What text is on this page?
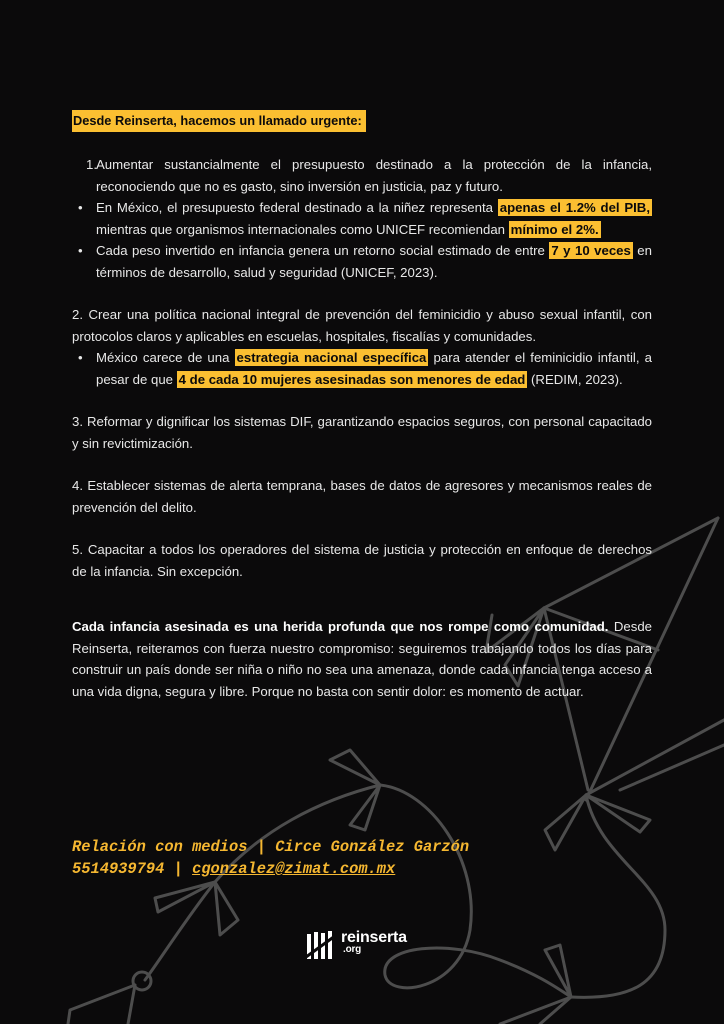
Desde Reinserta, hacemos un llamado urgente:
1. Aumentar sustancialmente el presupuesto destinado a la protección de la infancia, reconociendo que no es gasto, sino inversión en justicia, paz y futuro.
• En México, el presupuesto federal destinado a la niñez representa apenas el 1.2% del PIB, mientras que organismos internacionales como UNICEF recomiendan mínimo el 2%.
• Cada peso invertido en infancia genera un retorno social estimado de entre 7 y 10 veces en términos de desarrollo, salud y seguridad (UNICEF, 2023).
2. Crear una política nacional integral de prevención del feminicidio y abuso sexual infantil, con protocolos claros y aplicables en escuelas, hospitales, fiscalías y comunidades.
• México carece de una estrategia nacional específica para atender el feminicidio infantil, a pesar de que 4 de cada 10 mujeres asesinadas son menores de edad (REDIM, 2023).
3. Reformar y dignificar los sistemas DIF, garantizando espacios seguros, con personal capacitado y sin revictimización.
4. Establecer sistemas de alerta temprana, bases de datos de agresores y mecanismos reales de prevención del delito.
5. Capacitar a todos los operadores del sistema de justicia y protección en enfoque de derechos de la infancia. Sin excepción.
Cada infancia asesinada es una herida profunda que nos rompe como comunidad. Desde Reinserta, reiteramos con fuerza nuestro compromiso: seguiremos trabajando todos los días para construir un país donde ser niña o niño no sea una amenaza, donde cada infancia tenga acceso a una vida digna, segura y libre. Porque no basta con sentir dolor: es momento de actuar.
Relación con medios | Circe González Garzón
5514939794 | cgonzalez@zimat.com.mx
reinserta
.org
